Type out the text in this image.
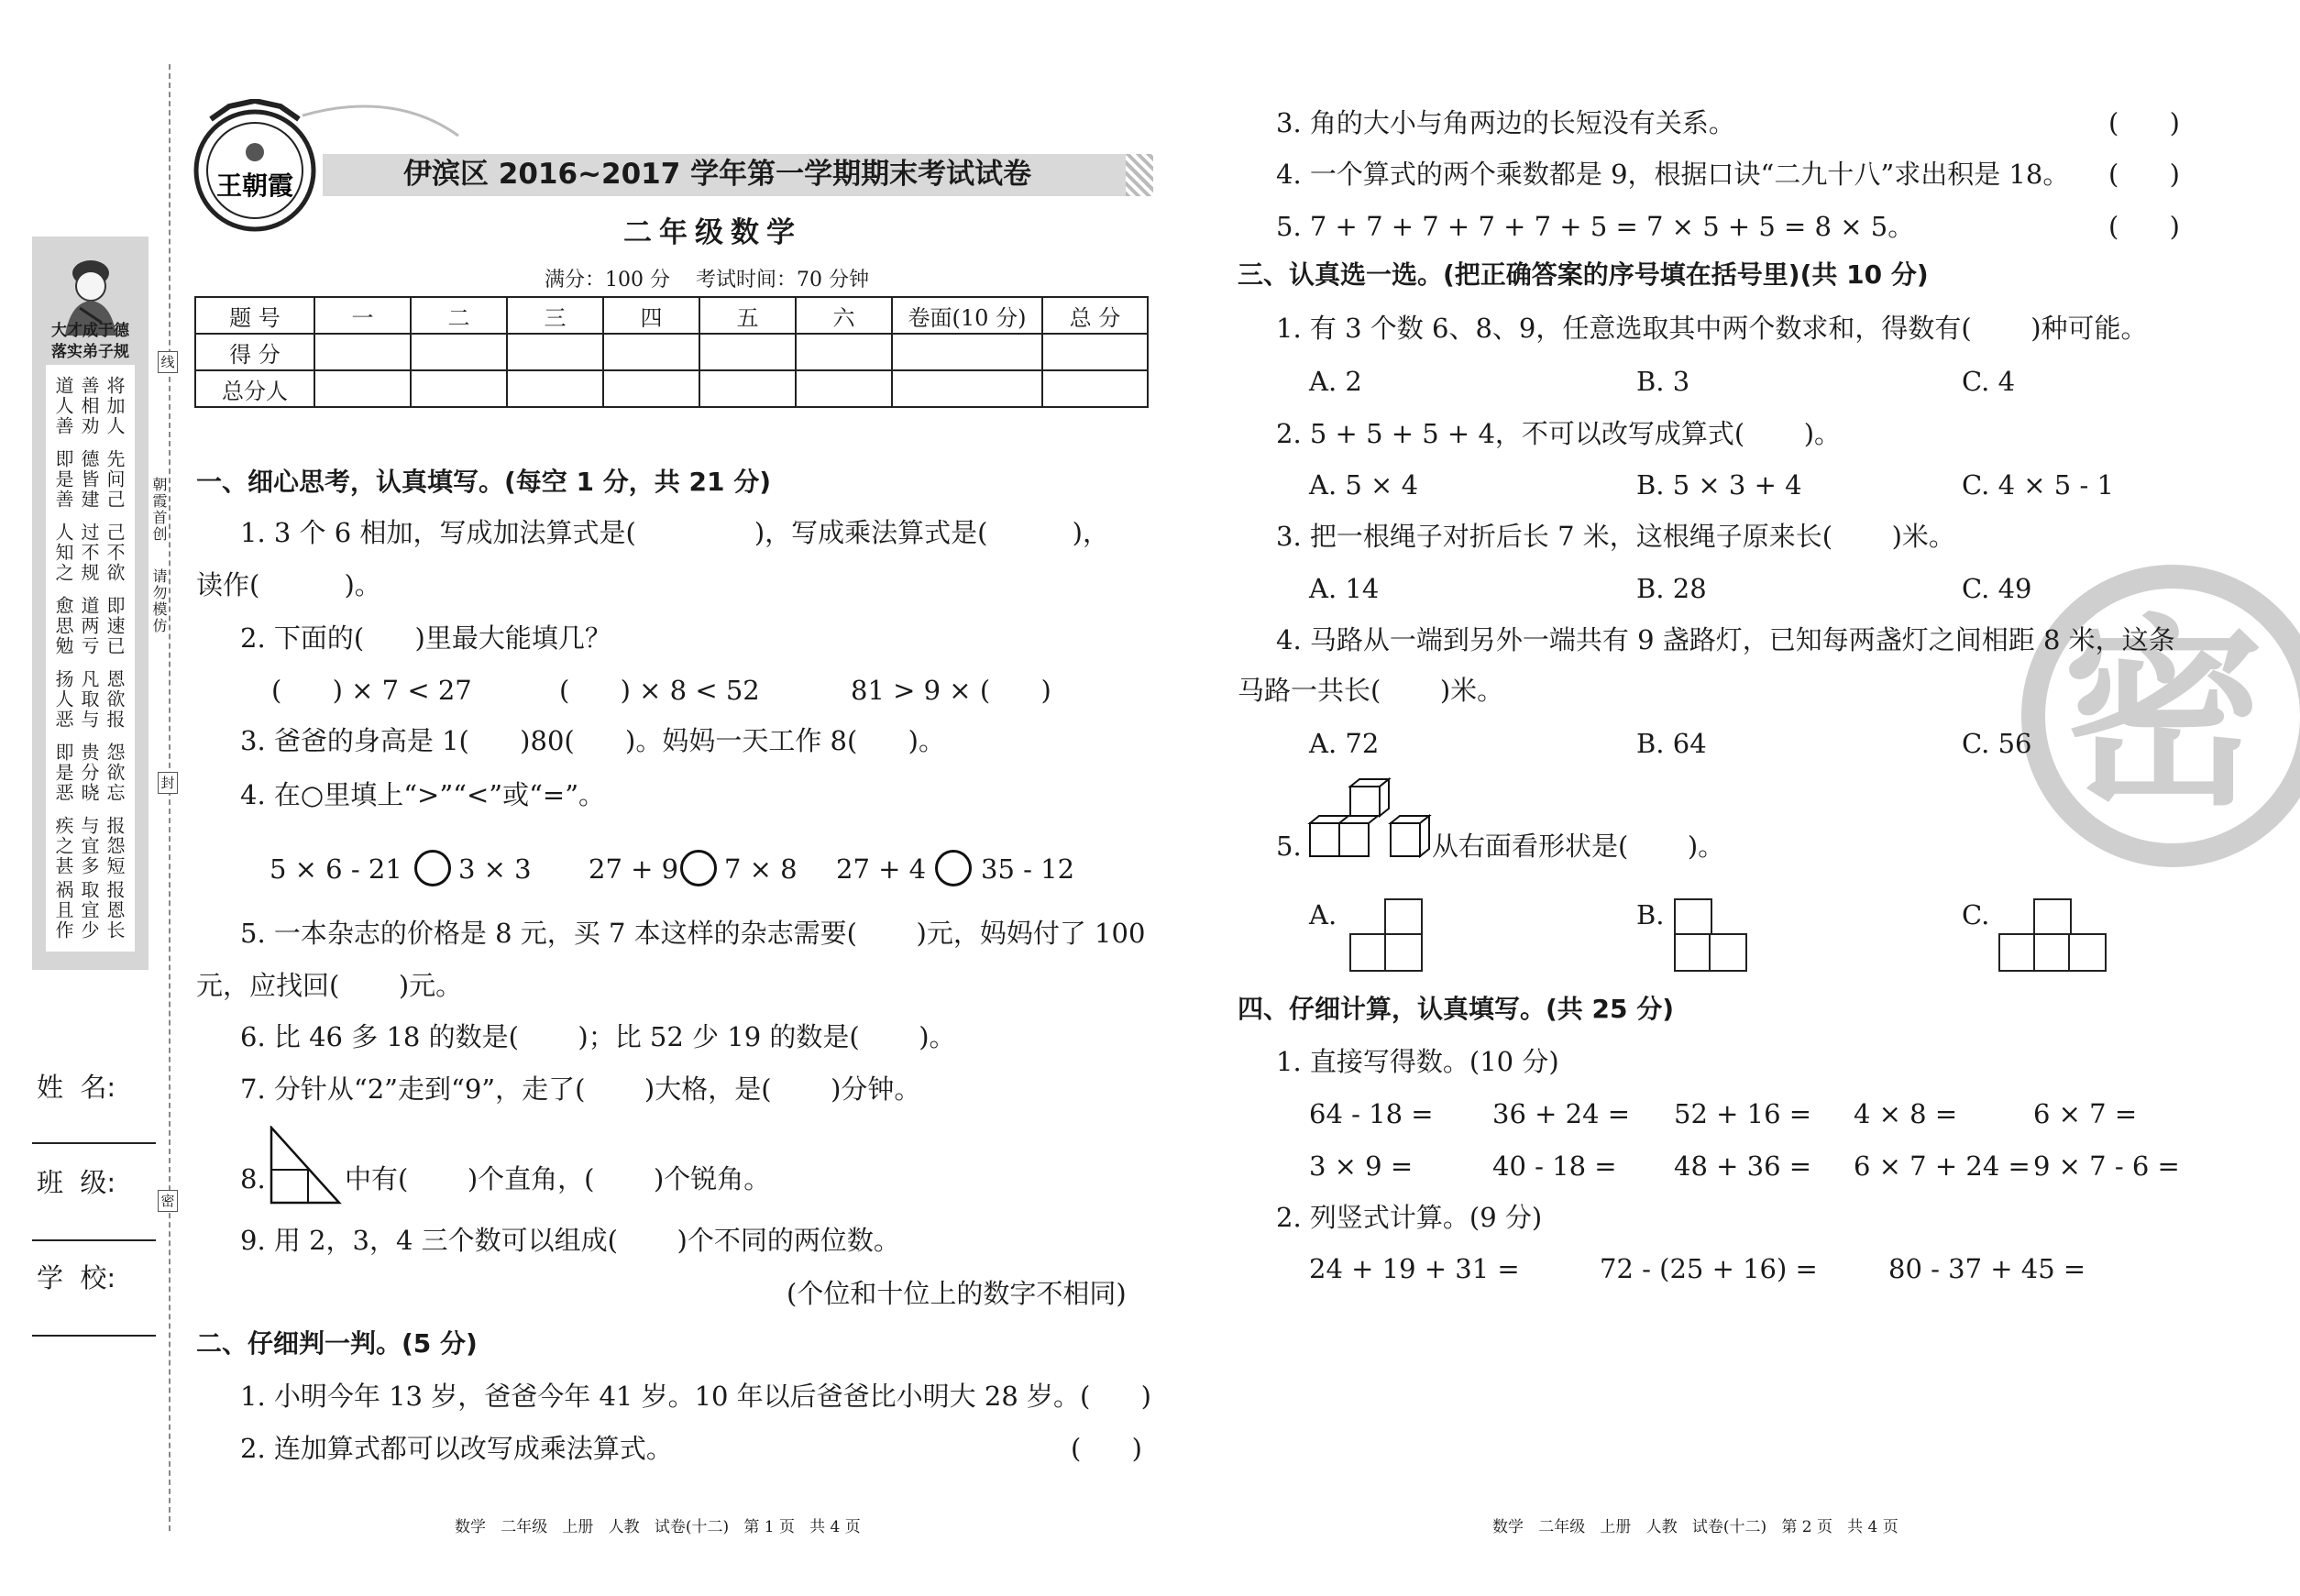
大才成于德
落实弟子规
将加人
善相劝
道人善
先问己
德皆建
即是善
己不欲
过不规
人知之
即速已
道两亏
愈思勉
恩欲报
凡取与
扬人恶
怨欲忘
贵分晓
即是恶
报怨短
与宜多
疾之甚
报恩长
取宜少
祸且作
姓  名:
班  级:
学  校:
线
封
密
朝霞首创
请勿模仿
王朝霞	伊滨区 2016~2017 学年第一学期期末考试试卷
二年级数学
满分：100 分    考试时间：70 分钟
题 号	一	二	三	四	五	六	卷面(10 分)	总 分
得 分								
总分人								
一、细心思考，认真填写。(每空 1 分，共 21 分)
1. 3 个 6 相加，写成加法算式是(              )，写成乘法算式是(          )，
读作(          )。
2. 下面的(      )里最大能填几？
(      ) × 7 < 27	(      ) × 8 < 52	81 > 9 × (      )
3. 爸爸的身高是 1(      )80(      )。妈妈一天工作 8(      )。
4. 在○里填上“>”“<”或“=”。
5 × 6 - 21 3 × 3 27 + 9 7 × 8 27 + 4 35 - 12
5. 一本杂志的价格是 8 元，买 7 本这样的杂志需要(       )元，妈妈付了 100
元，应找回(       )元。
6. 比 46 多 18 的数是(       )；比 52 少 19 的数是(       )。
7. 分针从“2”走到“9”，走了(       )大格，是(       )分钟。
8.	中有(       )个直角，(       )个锐角。
9. 用 2，3，4 三个数可以组成(       )个不同的两位数。
(个位和十位上的数字不相同)
二、仔细判一判。(5 分)
1. 小明今年 13 岁，爸爸今年 41 岁。10 年以后爸爸比小明大 28 岁。(      )
2. 连加算式都可以改写成乘法算式。	(      )
3. 角的大小与角两边的长短没有关系。	(      )
4. 一个算式的两个乘数都是 9，根据口诀“二九十八”求出积是 18。 (      )
5. 7 + 7 + 7 + 7 + 7 + 5 = 7 × 5 + 5 = 8 × 5。	(      )
密
三、认真选一选。(把正确答案的序号填在括号里)(共 10 分)
1. 有 3 个数 6、8、9，任意选取其中两个数求和，得数有(       )种可能。
A. 2	B. 3	C. 4
2. 5 + 5 + 5 + 4，不可以改写成算式(       )。
A. 5 × 4	B. 5 × 3 + 4	C. 4 × 5 - 1
3. 把一根绳子对折后长 7 米，这根绳子原来长(       )米。
A. 14	B. 28	C. 49
4. 马路从一端到另外一端共有 9 盏路灯，已知每两盏灯之间相距 8 米，这条
马路一共长(       )米。
A. 72	B. 64	C. 56
5.	从右面看形状是(       )。
A.	B.	C.
四、仔细计算，认真填写。(共 25 分)
1. 直接写得数。(10 分)
64 - 18 = 36 + 24 = 52 + 16 = 4 × 8 =	6 × 7 =
3 × 9 =	40 - 18 = 48 + 36 = 6 × 7 + 24 = 9 × 7 - 6 =
2. 列竖式计算。(9 分)
24 + 19 + 31 =	72 - (25 + 16) =	80 - 37 + 45 =
数学   二年级   上册   人教   试卷(十二)   第 1 页   共 4 页	数学   二年级   上册   人教   试卷(十二)   第 2 页   共 4 页
